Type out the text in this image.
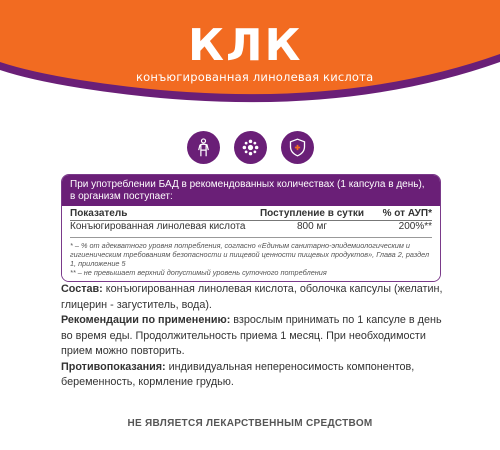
КЛК
конъюгированная линолевая кислота
При употреблении БАД в рекомендованных количествах (1 капсула в день), в организм поступает:
Показатель	Поступление в сутки	% от АУП*
Конъюгированная линолевая кислота	800 мг	200%**
* – % от адекватного уровня потребления, согласно «Единым санитарно-эпидемиологическим и гигиеническим требованиям безопасности и пищевой ценности пищевых продуктов», Глава 2, раздел 1, приложение 5
** – не превышает верхний допустимый уровень суточного потребления

Состав: конъюгированная линолевая кислота, оболочка капсулы (желатин, глицерин - загуститель, вода).

Рекомендации по применению: взрослым принимать по 1 капсуле в день во время еды. Продолжительность приема 1 месяц. При необходимости прием можно повторить.

Противопоказания: индивидуальная непереносимость компонентов, беременность, кормление грудью.

НЕ ЯВЛЯЕТСЯ ЛЕКАРСТВЕННЫМ СРЕДСТВОМ
